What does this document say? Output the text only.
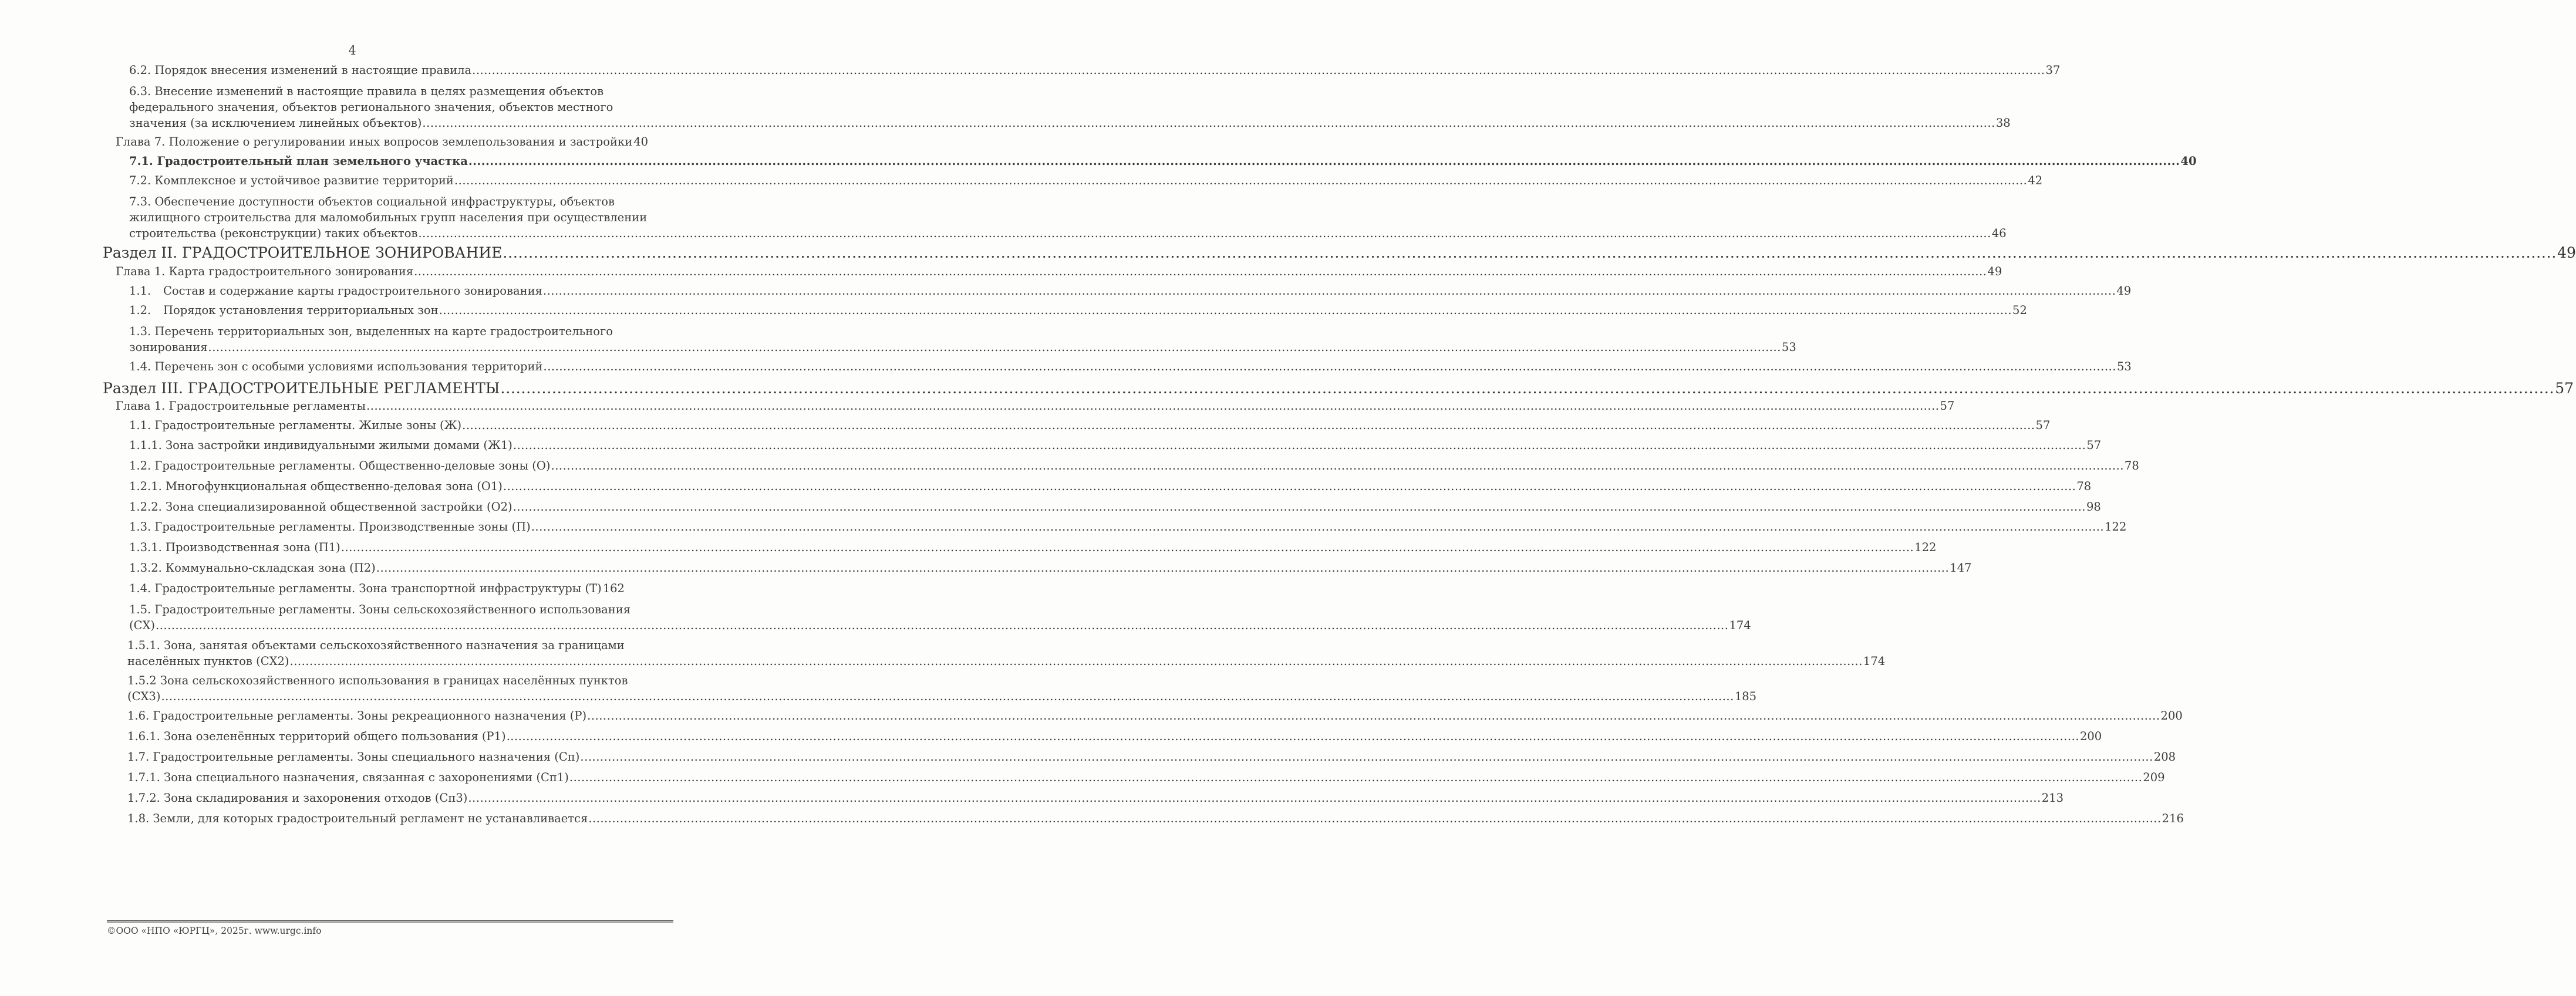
4
6.2. Порядок внесения изменений в настоящие правила ................................................................................................................................................................................................................................................................................................................................................................................................................ 37
6.3. Внесение изменений в настоящие правила в целях размещения объектов
федерального значения, объектов регионального значения, объектов местного
значения (за исключением линейных объектов) ................................................................................................................................................................................................................................................................................................................................................................................................................ 38
Глава 7. Положение о регулировании иных вопросов землепользования и застройки 40
7.1. Градостроительный план земельного участка ................................................................................................................................................................................................................................................................................................................................................................................................................ 40
7.2. Комплексное и устойчивое развитие территорий ................................................................................................................................................................................................................................................................................................................................................................................................................ 42
7.3. Обеспечение доступности объектов социальной инфраструктуры, объектов
жилищного строительства для маломобильных групп населения при осуществлении
строительства (реконструкции) таких объектов ................................................................................................................................................................................................................................................................................................................................................................................................................ 46
Раздел II. ГРАДОСТРОИТЕЛЬНОЕ ЗОНИРОВАНИЕ ................................................................................................................................................................................................................................................................................................................................................................................................................ 49
Глава 1. Карта градостроительного зонирования ................................................................................................................................................................................................................................................................................................................................................................................................................ 49
1.1. Состав и содержание карты градостроительного зонирования ................................................................................................................................................................................................................................................................................................................................................................................................................ 49
1.2. Порядок установления территориальных зон ................................................................................................................................................................................................................................................................................................................................................................................................................ 52
1.3. Перечень территориальных зон, выделенных на карте градостроительного
зонирования ................................................................................................................................................................................................................................................................................................................................................................................................................ 53
1.4. Перечень зон с особыми условиями использования территорий ................................................................................................................................................................................................................................................................................................................................................................................................................ 53
Раздел III. ГРАДОСТРОИТЕЛЬНЫЕ РЕГЛАМЕНТЫ ................................................................................................................................................................................................................................................................................................................................................................................................................ 57
Глава 1. Градостроительные регламенты ................................................................................................................................................................................................................................................................................................................................................................................................................ 57
1.1. Градостроительные регламенты. Жилые зоны (Ж) ................................................................................................................................................................................................................................................................................................................................................................................................................ 57
1.1.1. Зона застройки индивидуальными жилыми домами (Ж1) ................................................................................................................................................................................................................................................................................................................................................................................................................ 57
1.2. Градостроительные регламенты. Общественно-деловые зоны (О) ................................................................................................................................................................................................................................................................................................................................................................................................................ 78
1.2.1. Многофункциональная общественно-деловая зона (О1) ................................................................................................................................................................................................................................................................................................................................................................................................................ 78
1.2.2. Зона специализированной общественной застройки (О2) ................................................................................................................................................................................................................................................................................................................................................................................................................ 98
1.3. Градостроительные регламенты. Производственные зоны (П) ................................................................................................................................................................................................................................................................................................................................................................................................................ 122
1.3.1. Производственная зона (П1) ................................................................................................................................................................................................................................................................................................................................................................................................................ 122
1.3.2. Коммунально-складская зона (П2) ................................................................................................................................................................................................................................................................................................................................................................................................................ 147
1.4. Градостроительные регламенты. Зона транспортной инфраструктуры (Т) 162
1.5. Градостроительные регламенты. Зоны сельскохозяйственного использования
(СХ) ................................................................................................................................................................................................................................................................................................................................................................................................................ 174
1.5.1. Зона, занятая объектами сельскохозяйственного назначения за границами
населённых пунктов (СХ2) ................................................................................................................................................................................................................................................................................................................................................................................................................ 174
1.5.2 Зона сельскохозяйственного использования в границах населённых пунктов
(СХ3) ................................................................................................................................................................................................................................................................................................................................................................................................................ 185
1.6. Градостроительные регламенты. Зоны рекреационного назначения (Р) ................................................................................................................................................................................................................................................................................................................................................................................................................ 200
1.6.1. Зона озеленённых территорий общего пользования (Р1) ................................................................................................................................................................................................................................................................................................................................................................................................................ 200
1.7. Градостроительные регламенты. Зоны специального назначения (Сп) ................................................................................................................................................................................................................................................................................................................................................................................................................ 208
1.7.1. Зона специального назначения, связанная с захоронениями (Сп1) ................................................................................................................................................................................................................................................................................................................................................................................................................ 209
1.7.2. Зона складирования и захоронения отходов (Сп3) ................................................................................................................................................................................................................................................................................................................................................................................................................ 213
1.8. Земли, для которых градостроительный регламент не устанавливается ................................................................................................................................................................................................................................................................................................................................................................................................................ 216
©ООО «НПО «ЮРГЦ», 2025г. www.urgc.info
